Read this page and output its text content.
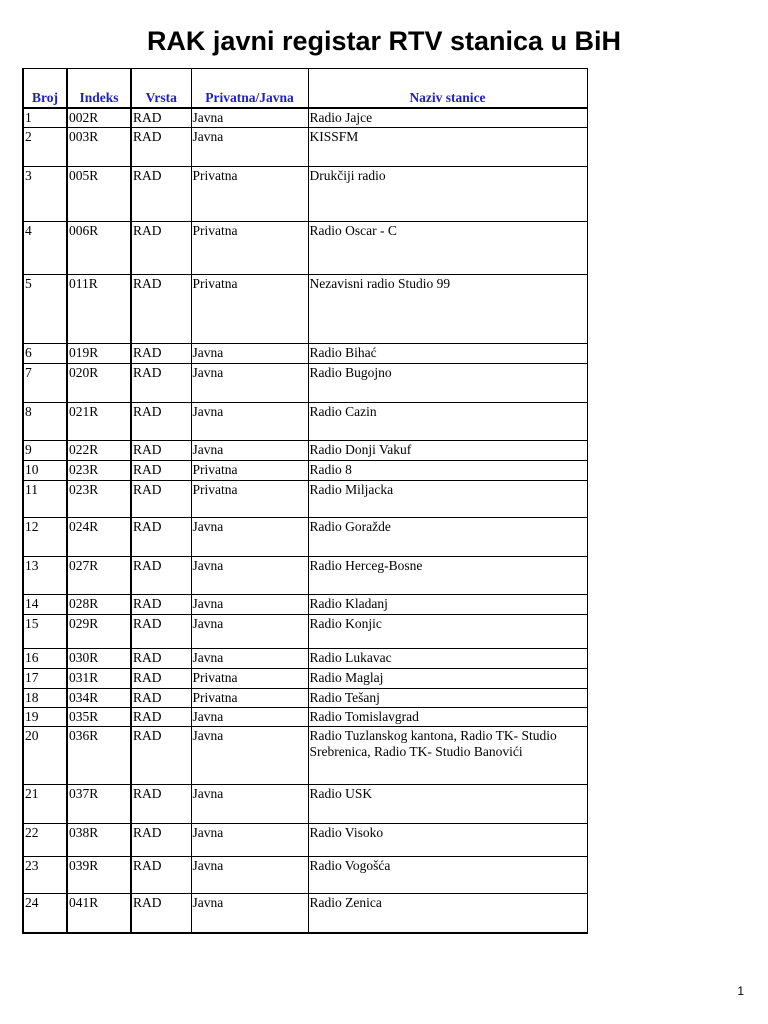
RAK javni registar RTV stanica u BiH
Broj	Indeks	Vrsta	Privatna/Javna	Naziv stanice
1	002R	RAD	Javna	Radio Jajce
2	003R	RAD	Javna	KISSFM
3	005R	RAD	Privatna	Drukčiji radio
4	006R	RAD	Privatna	Radio Oscar - C
5	011R	RAD	Privatna	Nezavisni radio Studio 99
6	019R	RAD	Javna	Radio Bihać
7	020R	RAD	Javna	Radio Bugojno
8	021R	RAD	Javna	Radio Cazin
9	022R	RAD	Javna	Radio Donji Vakuf
10	023R	RAD	Privatna	Radio 8
11	023R	RAD	Privatna	Radio Miljacka
12	024R	RAD	Javna	Radio Goražde
13	027R	RAD	Javna	Radio Herceg-Bosne
14	028R	RAD	Javna	Radio Kladanj
15	029R	RAD	Javna	Radio Konjic
16	030R	RAD	Javna	Radio Lukavac
17	031R	RAD	Privatna	Radio Maglaj
18	034R	RAD	Privatna	Radio Tešanj
19	035R	RAD	Javna	Radio Tomislavgrad
20	036R	RAD	Javna	Radio Tuzlanskog kantona, Radio TK- Studio Srebrenica, Radio TK- Studio Banovići
21	037R	RAD	Javna	Radio USK
22	038R	RAD	Javna	Radio Visoko
23	039R	RAD	Javna	Radio Vogošća
24	041R	RAD	Javna	Radio Zenica
1
